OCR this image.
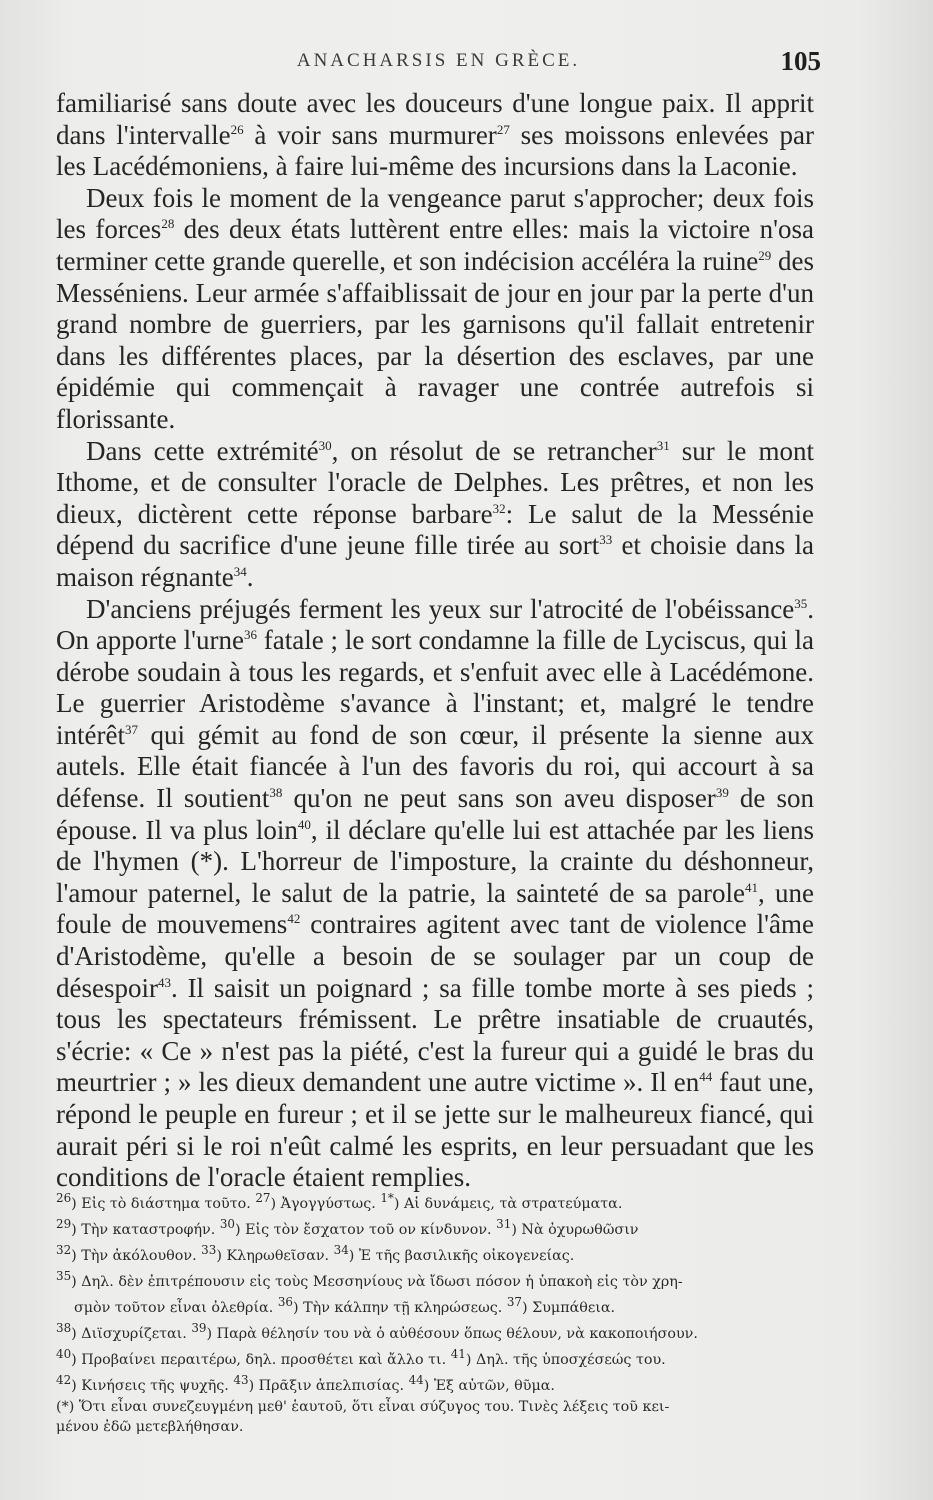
ANACHARSIS EN GRÈCE.	105

familiarisé sans doute avec les douceurs d'une longue paix. Il apprit dans l'intervalle$^{26}$ à voir sans murmurer$^{27}$ ses moissons enlevées par les Lacédémoniens, à faire lui-même des incursions dans la Laconie.

Deux fois le moment de la vengeance parut s'approcher; deux fois les forces$^{28}$ des deux états luttèrent entre elles: mais la victoire n'osa terminer cette grande querelle, et son indécision accéléra la ruine$^{29}$ des Messéniens. Leur armée s'affaiblissait de jour en jour par la perte d'un grand nombre de guerriers, par les garnisons qu'il fallait entretenir dans les différentes places, par la désertion des esclaves, par une épidémie qui commençait à ravager une contrée autrefois si florissante.

Dans cette extrémité$^{30}$, on résolut de se retrancher$^{31}$ sur le mont Ithome, et de consulter l'oracle de Delphes. Les prêtres, et non les dieux, dictèrent cette réponse barbare$^{32}$: Le salut de la Messénie dépend du sacrifice d'une jeune fille tirée au sort$^{33}$ et choisie dans la maison régnante$^{34}$.

D'anciens préjugés ferment les yeux sur l'atrocité de l'obéissance$^{35}$. On apporte l'urne$^{36}$ fatale ; le sort condamne la fille de Lyciscus, qui la dérobe soudain à tous les regards, et s'enfuit avec elle à Lacédémone. Le guerrier Aristodème s'avance à l'instant; et, malgré le tendre intérêt$^{37}$ qui gémit au fond de son cœur, il présente la sienne aux autels. Elle était fiancée à l'un des favoris du roi, qui accourt à sa défense. Il soutient$^{38}$ qu'on ne peut sans son aveu disposer$^{39}$ de son épouse. Il va plus loin$^{40}$, il déclare qu'elle lui est attachée par les liens de l'hymen (*). L'horreur de l'imposture, la crainte du déshonneur, l'amour paternel, le salut de la patrie, la sainteté de sa parole$^{41}$, une foule de mouvemens$^{42}$ contraires agitent avec tant de violence l'âme d'Aristodème, qu'elle a besoin de se soulager par un coup de désespoir$^{43}$. Il saisit un poignard ; sa fille tombe morte à ses pieds ; tous les spectateurs frémissent. Le prêtre insatiable de cruautés, s'écrie: « Ce » n'est pas la piété, c'est la fureur qui a guidé le bras du meurtrier ; » les dieux demandent une autre victime ». Il $en^{44}$ faut une, répond le peuple en fureur ; et il se jette sur le malheureux fiancé, qui aurait péri si le roi n'eût calmé les esprits, en leur persuadant que les conditions de l'oracle étaient remplies.

$^{26}$) Εἰς τὸ διάστημα τοῦτο. $^{27}$) Ἀγογγύστως. $^{1*}$) Αἱ δυνάμεις, τὰ στρατεύματα.
$^{29}$) Τὴν καταστροφήν. $^{30}$) Εἰς τὸν ἔσχατον τοῦ ον κίνδυνον. $^{31}$) Νὰ ὀχυρωθῶσιν
$^{32}$) Τὴν ἀκόλουθον. $^{33}$) Κληρωθεῖσαν. $^{34}$) Ἐ τῆς βασιλικῆς οἰκογενείας.
$^{35}$) Δηλ. δὲν ἐπιτρέπουσιν εἰς τοὺς Μεσσηνίους νὰ ἴδωσι πόσον ἡ ὑπακοὴ εἰς τὸν χρη-
σμὸν τοῦτον εἶναι ὀλεθρία. $^{36}$) Τὴν κάλπην τῇ κληρώσεως. $^{37}$) Συμπάθεια.
$^{38}$) Διϊσχυρίζεται. $^{39}$) Παρὰ θέλησίν του νὰ ὁ αὐθέσουν ὅπως θέλουν, νὰ κακοποιήσουν.
$^{40}$) Προβαίνει περαιτέρω, δηλ. προσθέτει καὶ ἄλλο τι. $^{41}$) Δηλ. τῆς ὑποσχέσεώς του.
$^{42}$) Κινήσεις τῆς ψυχῆς. $^{43}$) Πρᾶξιν ἀπελπισίας. $^{44}$) Ἐξ αὐτῶν, θῦμα.
(*) Ὅτι εἶναι συνεζευγμένη μεθ' ἑαυτοῦ, ὅτι εἶναι σύζυγος του. Τινὲς λέξεις τοῦ κει-
μένου ἐδῶ μετεβλήθησαν.
